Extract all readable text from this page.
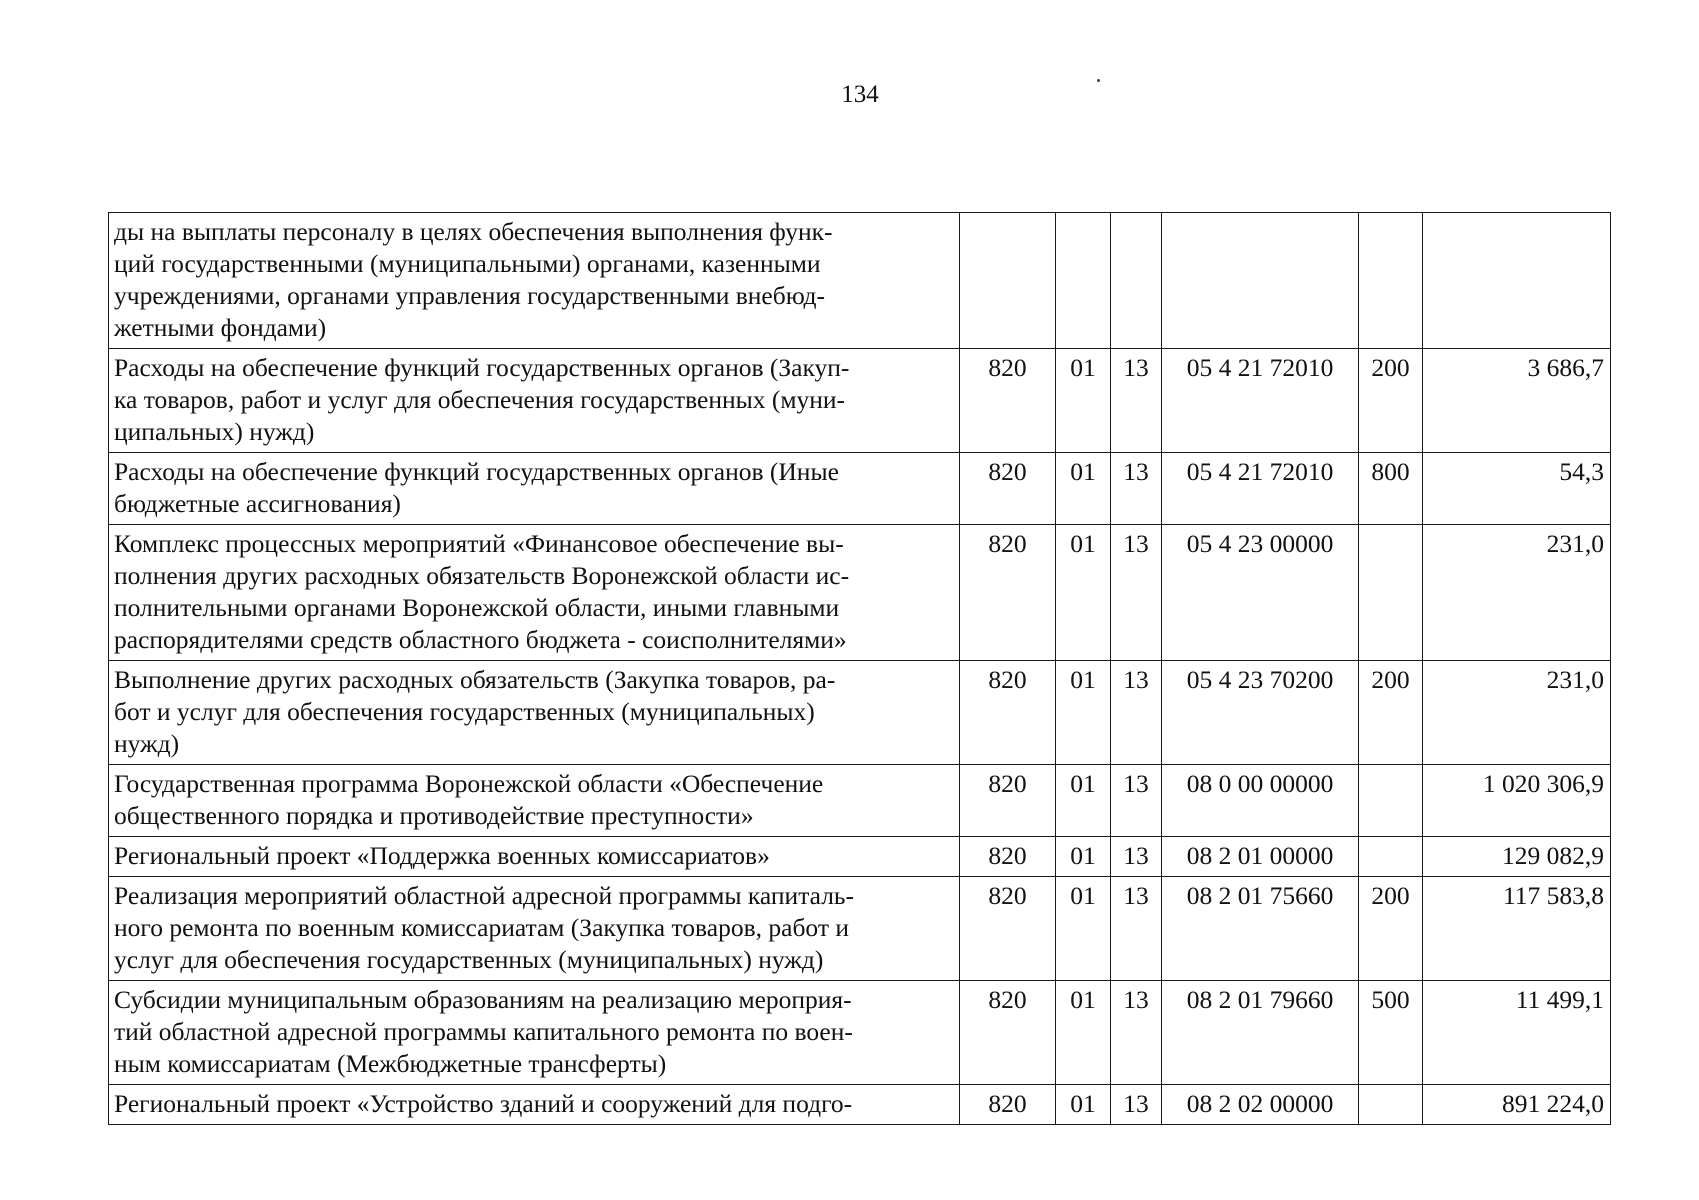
134
ды на выплаты персоналу в целях обеспечения выполнения функ-
ций государственными (муниципальными) органами, казенными
учреждениями, органами управления государственными внебюд-
жетными фондами)						
Расходы на обеспечение функций государственных органов (Закуп-
ка товаров, работ и услуг для обеспечения государственных (муни-
ципальных) нужд)	820	01	13	05 4 21 72010	200	3 686,7
Расходы на обеспечение функций государственных органов (Иные
бюджетные ассигнования)	820	01	13	05 4 21 72010	800	54,3
Комплекс процессных мероприятий «Финансовое обеспечение вы-
полнения других расходных обязательств Воронежской области ис-
полнительными органами Воронежской области, иными главными
распорядителями средств областного бюджета - соисполнителями»	820	01	13	05 4 23 00000		231,0
Выполнение других расходных обязательств (Закупка товаров, ра-
бот и услуг для обеспечения государственных (муниципальных)
нужд)	820	01	13	05 4 23 70200	200	231,0
Государственная программа Воронежской области «Обеспечение
общественного порядка и противодействие преступности»	820	01	13	08 0 00 00000		1 020 306,9
Региональный проект «Поддержка военных комиссариатов»	820	01	13	08 2 01 00000		129 082,9
Реализация мероприятий областной адресной программы капиталь-
ного ремонта по военным комиссариатам (Закупка товаров, работ и
услуг для обеспечения государственных (муниципальных) нужд)	820	01	13	08 2 01 75660	200	117 583,8
Субсидии муниципальным образованиям на реализацию мероприя-
тий областной адресной программы капитального ремонта по воен-
ным комиссариатам (Межбюджетные трансферты)	820	01	13	08 2 01 79660	500	11 499,1
Региональный проект «Устройство зданий и сооружений для подго-	820	01	13	08 2 02 00000		891 224,0
